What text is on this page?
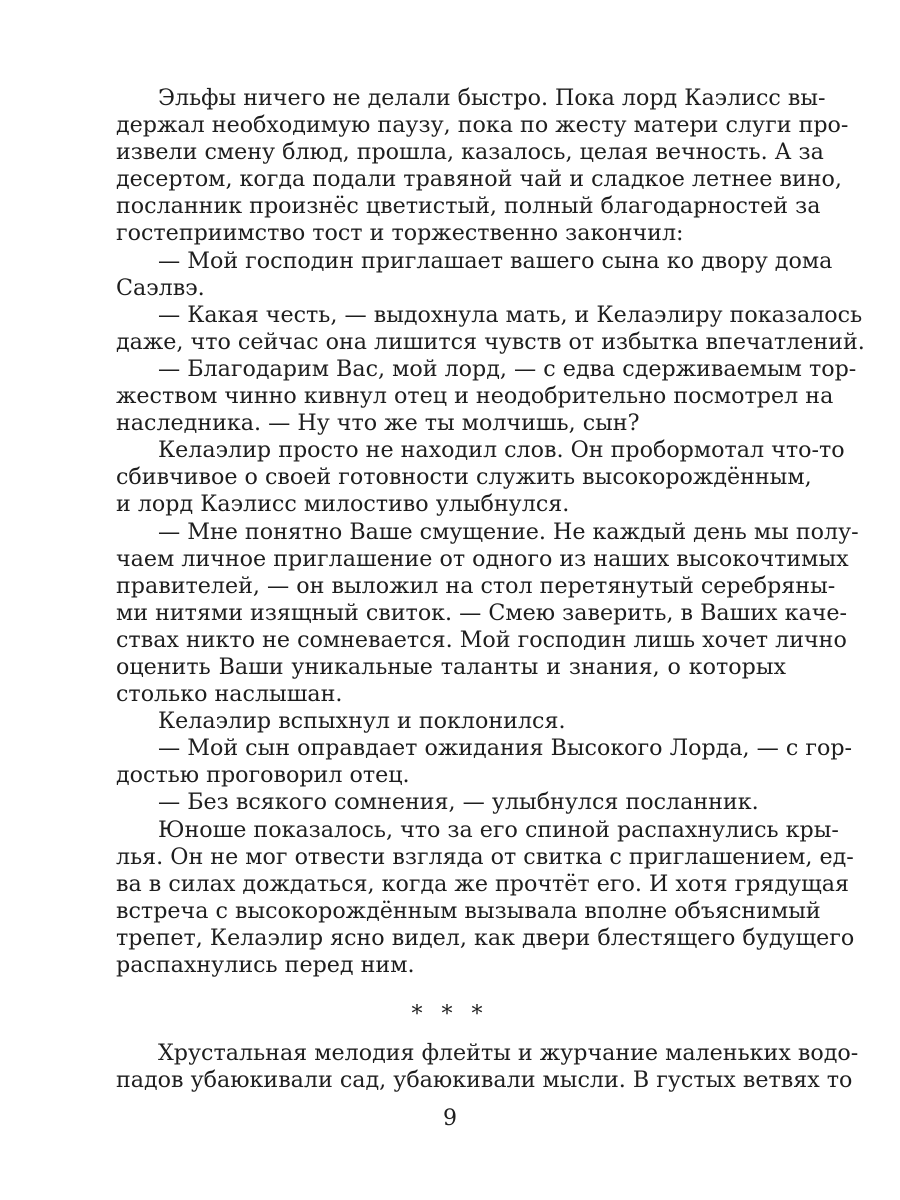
Эльфы ничего не делали быстро. Пока лорд Каэлисс вы-
держал необходимую паузу, пока по жесту матери слуги про-
извели смену блюд, прошла, казалось, целая вечность. А за
десертом, когда подали травяной чай и сладкое летнее вино,
посланник произнёс цветистый, полный благодарностей за
гостеприимство тост и торжественно закончил:
— Мой господин приглашает вашего сына ко двору дома
Саэлвэ.
— Какая честь, — выдохнула мать, и Келаэлиру показалось
даже, что сейчас она лишится чувств от избытка впечатлений.
— Благодарим Вас, мой лорд, — с едва сдерживаемым тор-
жеством чинно кивнул отец и неодобрительно посмотрел на
наследника. — Ну что же ты молчишь, сын?
Келаэлир просто не находил слов. Он пробормотал что-то
сбивчивое о своей готовности служить высокорождённым,
и лорд Каэлисс милостиво улыбнулся.
— Мне понятно Ваше смущение. Не каждый день мы полу-
чаем личное приглашение от одного из наших высокочтимых
правителей, — он выложил на стол перетянутый серебряны-
ми нитями изящный свиток. — Смею заверить, в Ваших каче-
ствах никто не сомневается. Мой господин лишь хочет лично
оценить Ваши уникальные таланты и знания, о которых
столько наслышан.
Келаэлир вспыхнул и поклонился.
— Мой сын оправдает ожидания Высокого Лорда, — с гор-
достью проговорил отец.
— Без всякого сомнения, — улыбнулся посланник.
Юноше показалось, что за его спиной распахнулись кры-
лья. Он не мог отвести взгляда от свитка с приглашением, ед-
ва в силах дождаться, когда же прочтёт его. И хотя грядущая
встреча с высокорождённым вызывала вполне объяснимый
трепет, Келаэлир ясно видел, как двери блестящего будущего
распахнулись перед ним.
* * *
Хрустальная мелодия флейты и журчание маленьких водо-
падов убаюкивали сад, убаюкивали мысли. В густых ветвях то
9
